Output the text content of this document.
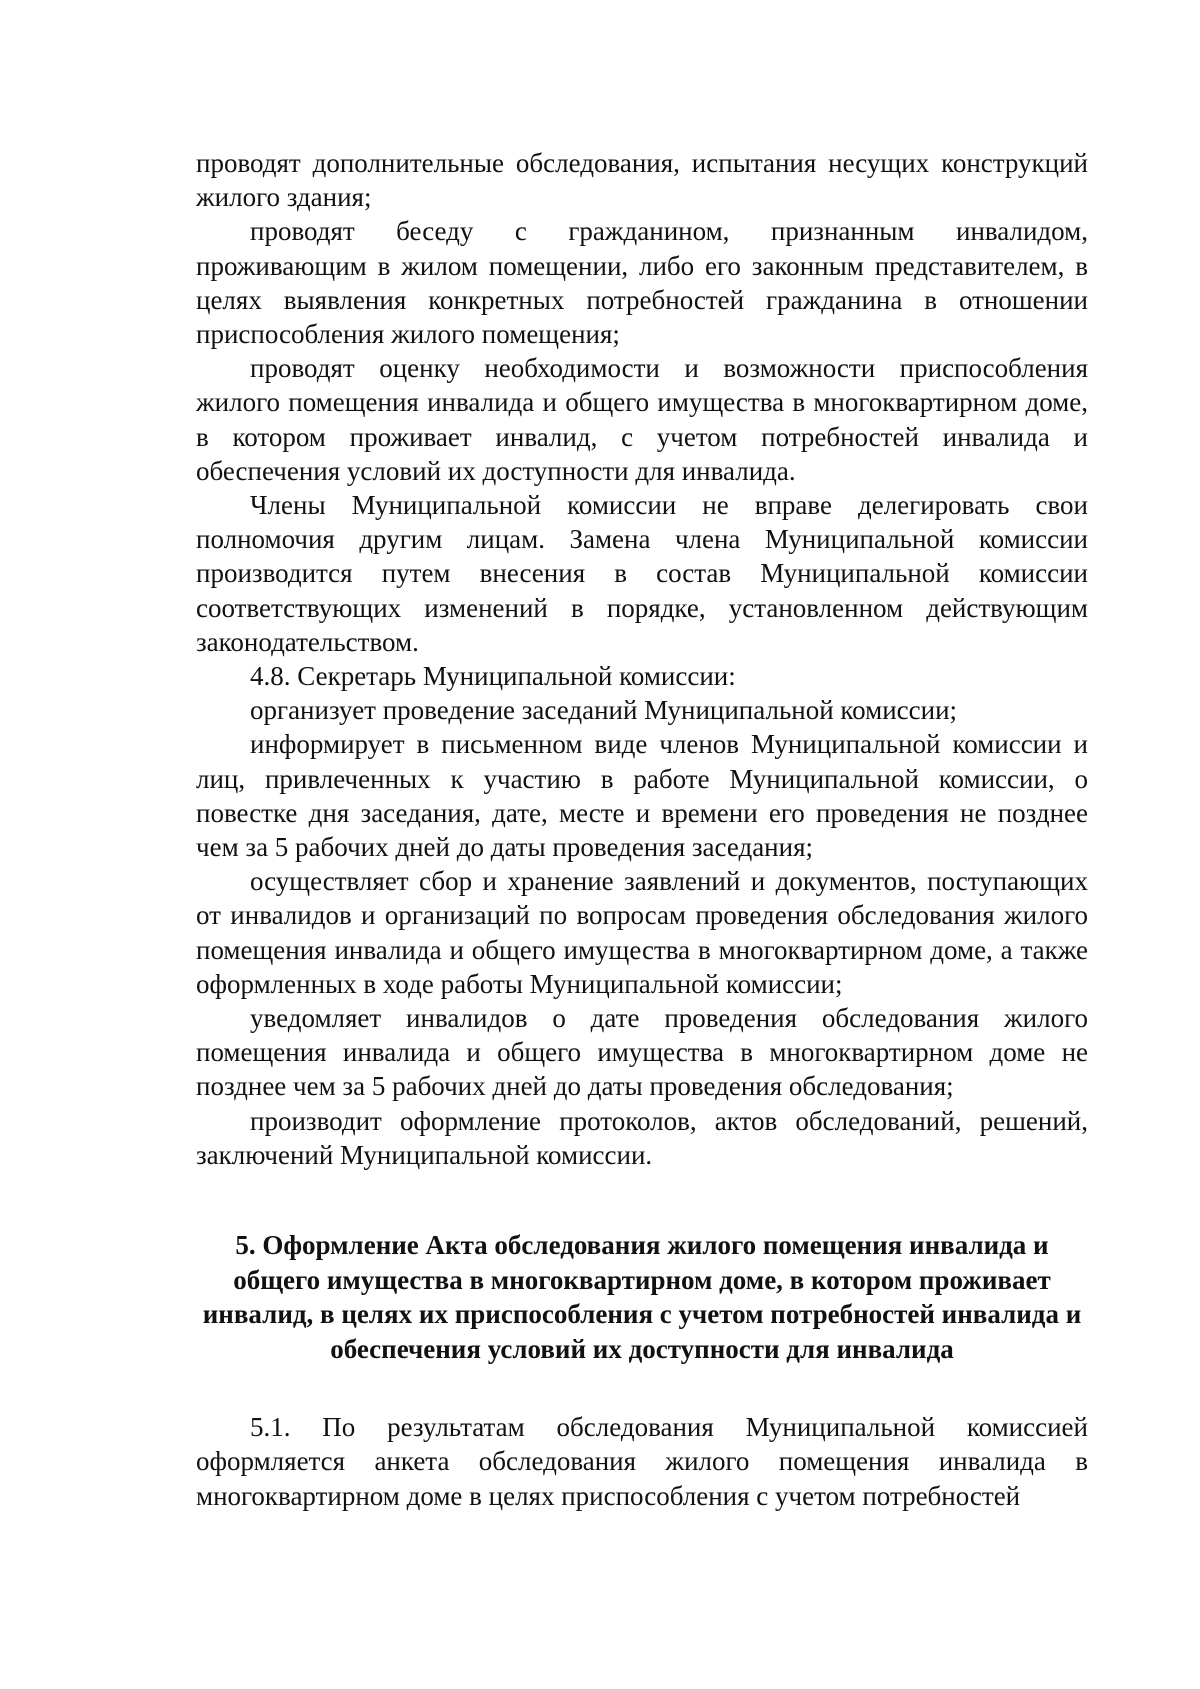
проводят дополнительные обследования, испытания несущих конструкций жилого здания;

проводят беседу с гражданином, признанным инвалидом, проживающим в жилом помещении, либо его законным представителем, в целях выявления конкретных потребностей гражданина в отношении приспособления жилого помещения;

проводят оценку необходимости и возможности приспособления жилого помещения инвалида и общего имущества в многоквартирном доме, в котором проживает инвалид, с учетом потребностей инвалида и обеспечения условий их доступности для инвалида.

Члены Муниципальной комиссии не вправе делегировать свои полномочия другим лицам. Замена члена Муниципальной комиссии производится путем внесения в состав Муниципальной комиссии соответствующих изменений в порядке, установленном действующим законодательством.

4.8. Секретарь Муниципальной комиссии:

организует проведение заседаний Муниципальной комиссии;

информирует в письменном виде членов Муниципальной комиссии и лиц, привлеченных к участию в работе Муниципальной комиссии, о повестке дня заседания, дате, месте и времени его проведения не позднее чем за 5 рабочих дней до даты проведения заседания;

осуществляет сбор и хранение заявлений и документов, поступающих от инвалидов и организаций по вопросам проведения обследования жилого помещения инвалида и общего имущества в многоквартирном доме, а также оформленных в ходе работы Муниципальной комиссии;

уведомляет инвалидов о дате проведения обследования жилого помещения инвалида и общего имущества в многоквартирном доме не позднее чем за 5 рабочих дней до даты проведения обследования;

производит оформление протоколов, актов обследований, решений, заключений Муниципальной комиссии.

5. Оформление Акта обследования жилого помещения инвалида и общего имущества в многоквартирном доме, в котором проживает инвалид, в целях их приспособления с учетом потребностей инвалида и обеспечения условий их доступности для инвалида

5.1. По результатам обследования Муниципальной комиссией оформляется анкета обследования жилого помещения инвалида в многоквартирном доме в целях приспособления с учетом потребностей
